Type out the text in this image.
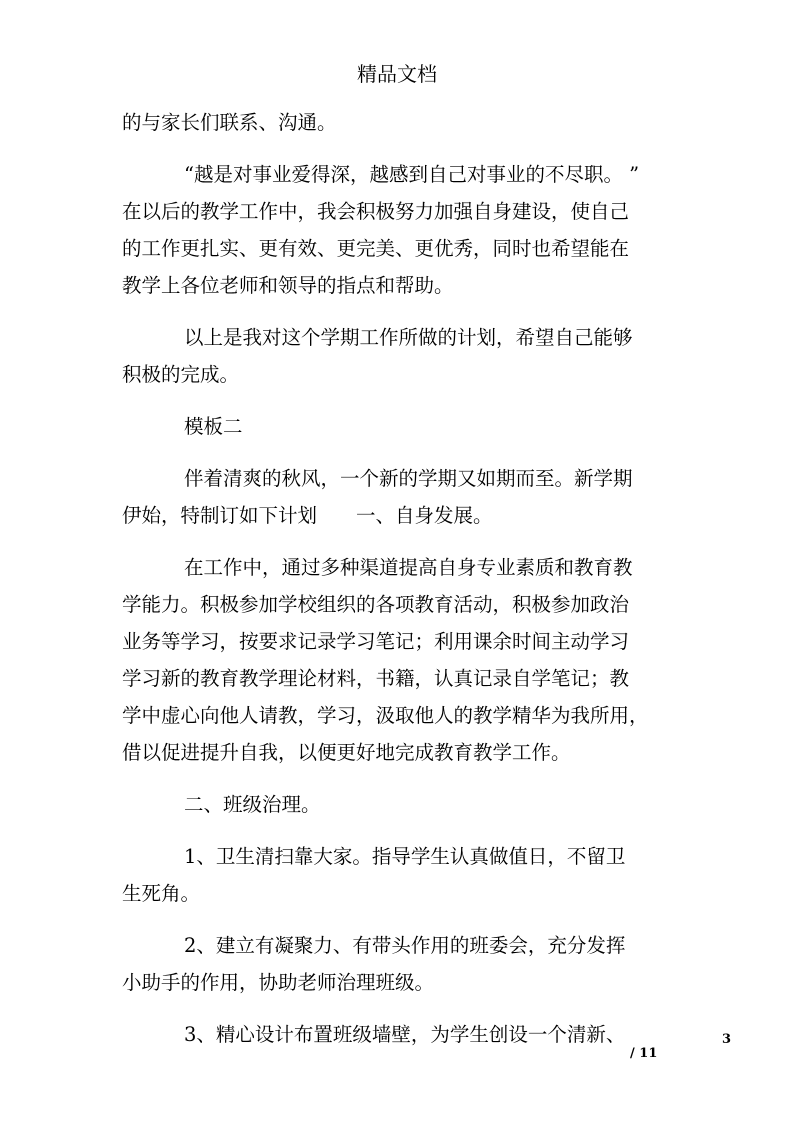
精品文档
的与家长们联系、沟通。
“越是对事业爱得深，越感到自己对事业的不尽职。 ”
在以后的教学工作中，我会积极努力加强自身建设，使自己
的工作更扎实、更有效、更完美、更优秀，同时也希望能在
教学上各位老师和领导的指点和帮助。
以上是我对这个学期工作所做的计划，希望自己能够
积极的完成。
模板二
伴着清爽的秋风，一个新的学期又如期而至。新学期
伊始，特制订如下计划　　一、自身发展。
在工作中，通过多种渠道提高自身专业素质和教育教
学能力。积极参加学校组织的各项教育活动，积极参加政治
业务等学习，按要求记录学习笔记；利用课余时间主动学习
学习新的教育教学理论材料，书籍，认真记录自学笔记；教
学中虚心向他人请教，学习，汲取他人的教学精华为我所用，
借以促进提升自我，以便更好地完成教育教学工作。
二、班级治理。
1、卫生清扫靠大家。指导学生认真做值日，不留卫
生死角。
2、建立有凝聚力、有带头作用的班委会，充分发挥
小助手的作用，协助老师治理班级。
3、精心设计布置班级墙壁，为学生创设一个清新、	3
/ 11
